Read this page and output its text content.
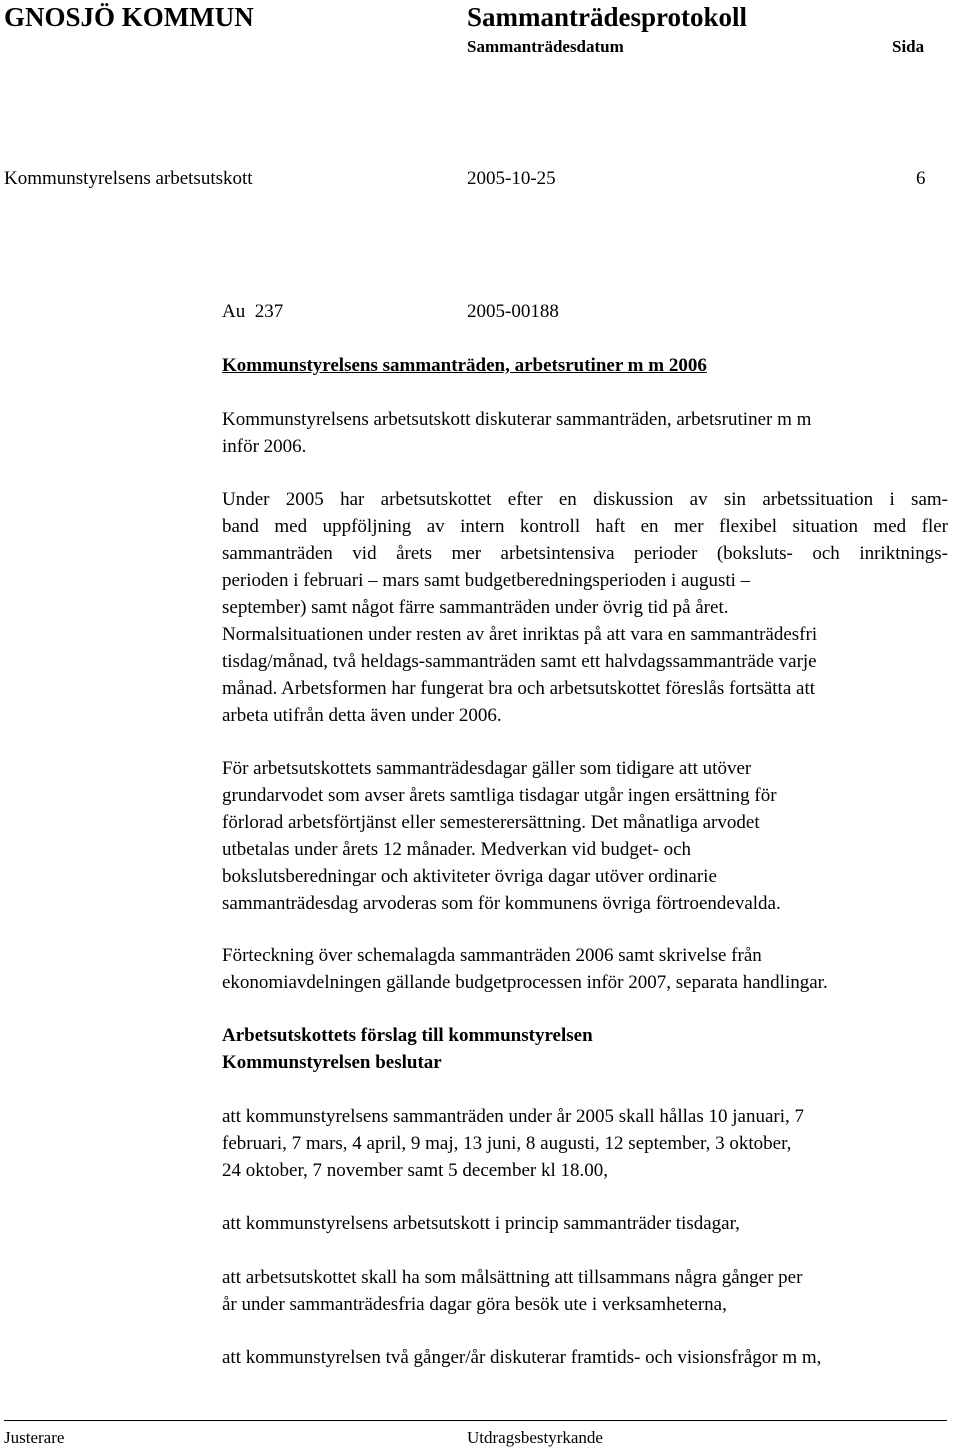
GNOSJÖ KOMMUN	Sammanträdesprotokoll
Sammanträdesdatum	Sida
Kommunstyrelsens arbetsutskott	2005-10-25	6
Au  237	2005-00188
Kommunstyrelsens sammanträden, arbetsrutiner m m 2006
Kommunstyrelsens arbetsutskott diskuterar sammanträden, arbetsrutiner m m
inför 2006.
Under 2005 har arbetsutskottet efter en diskussion av sin arbetssituation i sam-
band med uppföljning av intern kontroll haft en mer flexibel situation med fler
sammanträden vid årets mer arbetsintensiva perioder (boksluts- och inriktnings-
perioden i februari – mars samt budgetberedningsperioden i augusti –
september) samt något färre sammanträden under övrig tid på året.
Normalsituationen under resten av året inriktas på att vara en sammanträdesfri
tisdag/månad, två heldags-sammanträden samt ett halvdagssammanträde varje
månad. Arbetsformen har fungerat bra och arbetsutskottet föreslås fortsätta att
arbeta utifrån detta även under 2006.
För arbetsutskottets sammanträdesdagar gäller som tidigare att utöver
grundarvodet som avser årets samtliga tisdagar utgår ingen ersättning för
förlorad arbetsförtjänst eller semesterersättning. Det månatliga arvodet
utbetalas under årets 12 månader. Medverkan vid budget- och
bokslutsberedningar och aktiviteter övriga dagar utöver ordinarie
sammanträdesdag arvoderas som för kommunens övriga förtroendevalda.
Förteckning över schemalagda sammanträden 2006 samt skrivelse från
ekonomiavdelningen gällande budgetprocessen inför 2007, separata handlingar.
Arbetsutskottets förslag till kommunstyrelsen
Kommunstyrelsen beslutar
att kommunstyrelsens sammanträden under år 2005 skall hållas 10 januari, 7
februari, 7 mars, 4 april, 9 maj, 13 juni, 8 augusti, 12 september, 3 oktober,
24 oktober, 7 november samt 5 december kl 18.00,
att kommunstyrelsens arbetsutskott i princip sammanträder tisdagar,
att arbetsutskottet skall ha som målsättning att tillsammans några gånger per
år under sammanträdesfria dagar göra besök ute i verksamheterna,
att kommunstyrelsen två gånger/år diskuterar framtids- och visionsfrågor m m,
Justerare	Utdragsbestyrkande
